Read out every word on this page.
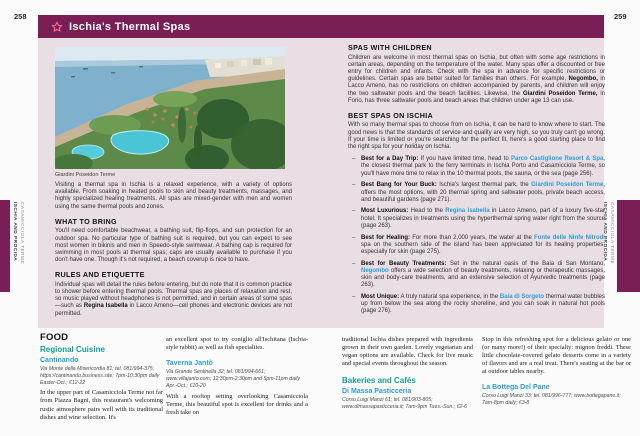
258	259
Ischia's Thermal Spas
Giardini Poseidon Terme

Visiting a thermal spa in Ischia is a relaxed experience, with a variety of options available. From soaking in heated pools to skin and beauty treatments, massages, and highly specialized healing treatments. All spas are mixed-gender with men and women using the same thermal pools and zones.

WHAT TO BRING

You'll need comfortable beachwear, a bathing suit, flip-flops, and sun protection for an outdoor spa. No particular type of bathing suit is required, but you can expect to see most women in bikinis and men in Speedo-style swimwear. A bathing cap is required for swimming in most pools at thermal spas; caps are usually available to purchase if you don't have one. Though it's not required, a beach coverup is nice to have.

RULES AND ETIQUETTE

Individual spas will detail the rules before entering, but do note that it is common practice to shower before entering thermal pools. Thermal spas are places of relaxation and rest, so music played without headphones is not permitted, and in certain areas of some spas—such as Regina Isabella in Lacco Ameno—cell phones and electronic devices are not permitted.

SPAS WITH CHILDREN

Children are welcome in most thermal spas on Ischia, but often with some age restrictions in certain areas, depending on the temperature of the water. Many spas offer a discounted or free entry for children and infants. Check with the spa in advance for specific restrictions or guidelines. Certain spas are better suited for families than others. For example, Negombo, in Lacco Ameno, has no restrictions on children accompanied by parents, and children will enjoy the two saltwater pools and the beach facilities. Likewise, the Giardini Poseidon Terme, in Forio, has three saltwater pools and beach areas that children under age 13 can use.

BEST SPAS ON ISCHIA

With so many thermal spas to choose from on Ischia, it can be hard to know where to start. The good news is that the standards of service and quality are very high, so you truly can't go wrong. If your time is limited or you're searching for the perfect fit, here's a good starting place to find the right spa for your holiday on Ischia.

– Best for a Day Trip: If you have limited time, head to Parco Castiglione Resort & Spa, the closest thermal park to the ferry terminals in Ischia Porto and Casamicciola Terme, so you'll have more time to relax in the 10 thermal pools, the sauna, or the sea (page 256).
– Best Bang for Your Buck: Ischia's largest thermal park, the Giardini Poseidon Terme, offers the most options, with 20 thermal spring and saltwater pools, private beach access, and beautiful gardens (page 271).
– Most Luxurious: Head to the Regina Isabella in Lacco Ameno, part of a luxury five-star hotel. It specializes in treatments using the hyperthermal spring water right from the source (page 263).
– Best for Healing: For more than 2,000 years, the water at the Fonte delle Ninfe Nitrodi spa on the southern side of the island has been appreciated for its healing properties, especially for skin (page 275).
– Best for Beauty Treatments: Set in the natural oasis of the Baia di San Montano, Negombo offers a wide selection of beauty treatments, relaxing or therapeutic massages, skin and body-care treatments, and an extensive selection of Ayurvedic treatments (page 263).
– Most Unique: A truly natural spa experience, in the Baia di Sorgeto thermal water bubbles up from below the sea along the rocky shoreline, and you can soak in natural hot pools (page 276).
CASAMICCIOLA TERME
ISCHIA AND PROCIDA	CASAMICCIOLA TERME
ISCHIA AND PROCIDA
FOOD
Regional Cuisine
Cantinando

Via Monte della Misericordia 81; tel. 081/994-375; https://cantinando.business.site; 7pm-10:30pm daily Easter-Oct.; €12-22

In the upper part of Casamicciola Terme not far from Piazza Bagni, this restaurant's welcoming rustic atmosphere pairs well with its traditional dishes and wine selection. It's

an excellent spot to try coniglio all'Ischitana (Ischia-style rabbit) as well as fish specialties.

Taverna Jantò

Via Grande Sentinella 32; tel. 081/994-661; www.villajanto.com; 12:30pm-2:30pm and 5pm-11pm daily Apr.-Oct.; €10-20

With a rooftop setting overlooking Casamicciola Terme, this beautiful spot is excellent for drinks and a fresh take on

traditional Ischia dishes prepared with ingredients grown in their own garden. Lovely vegetarian and vegan options are available. Check for live music and special events throughout the season.

Bakeries and Cafés
Di Massa Pasticceria

Corso Luigi Manzi 61; tel. 081/903-805; www.dimassapasticceria.it; 7am-9pm Tues.-Sun.; €2-6

Stop in this refreshing spot for a delicious gelato or one (or many more!) of their specialty: mignon freddi. These little chocolate-covered gelato desserts come in a variety of flavors and are a real treat. There's seating at the bar or at outdoor tables nearby.

La Bottega Del Pane

Corso Luigi Manzi 33; tel. 081/996-777; www.bottegapane.it; 7am-8pm daily; €3-8
